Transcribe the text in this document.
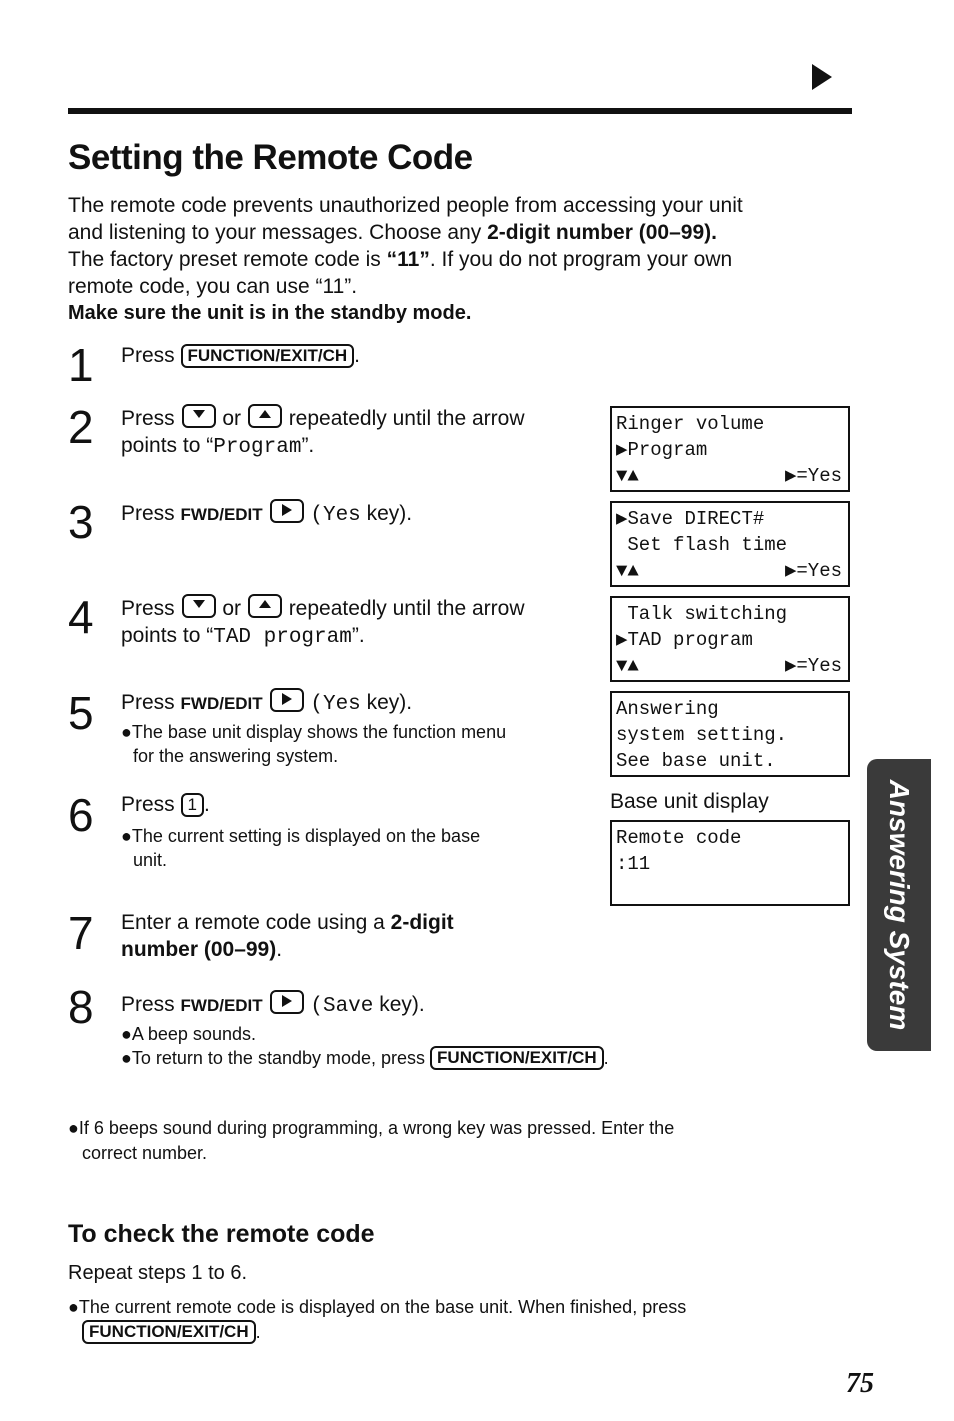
Setting the Remote Code
The remote code prevents unauthorized people from accessing your unit
and listening to your messages. Choose any 2-digit number (00–99).
The factory preset remote code is “11”. If you do not program your own
remote code, you can use “11”.
Make sure the unit is in the standby mode.
1 Press FUNCTION/EXIT/CH .
2 Press
or
repeatedly until the arrow
points to “Program”.
3 Press FWD/EDIT (Yes key).
4 Press
or
repeatedly until the arrow
points to “TAD program”.
5 Press FWD/EDIT (Yes key).
●The base unit display shows the function menu
for the answering system.
6 Press 1 .
●The current setting is displayed on the base
unit.
7 Enter a remote code using a 2-digit
number (00–99).
8 Press FWD/EDIT (Save key).
●A beep sounds.
●To return to the standby mode, press FUNCTION/EXIT/CH .
Ringer volume
▶Program
▼▲	▶=Yes
▶Save DIRECT#
Set flash time
▼▲	▶=Yes
Talk switching
▶TAD program
▼▲	▶=Yes
Answering
system setting.
See base unit.
Base unit display
Remote code
:11	Answering System
●If 6 beeps sound during programming, a wrong key was pressed. Enter the
correct number.
To check the remote code
Repeat steps 1 to 6.
●The current remote code is displayed on the base unit. When finished, press
FUNCTION/EXIT/CH .
75
